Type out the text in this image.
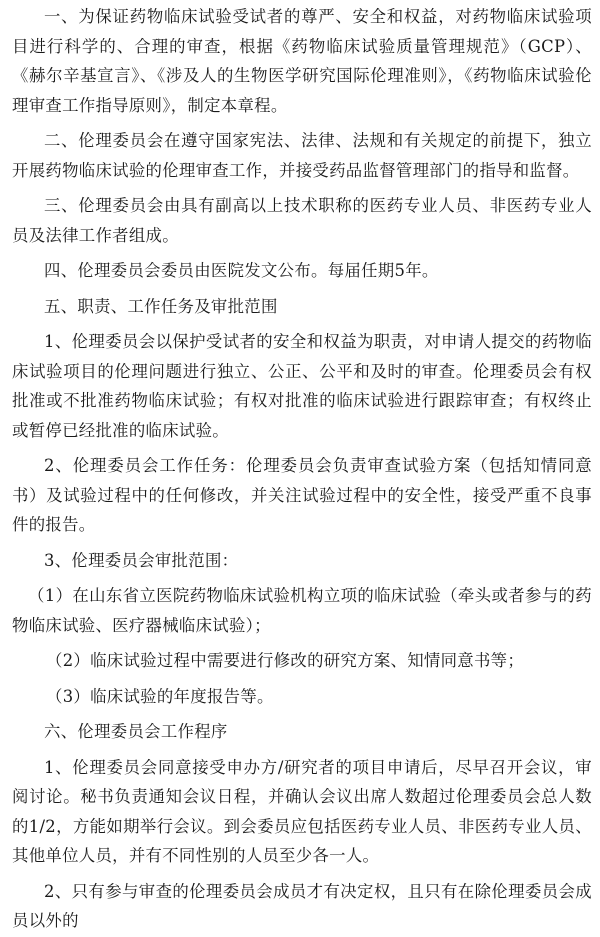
一、为保证药物临床试验受试者的尊严、安全和权益，对药物临床试验项目进行科学的、合理的审查，根据《药物临床试验质量管理规范》（GCP）、《赫尔辛基宣言》、《涉及人的生物医学研究国际伦理准则》，《药物临床试验伦理审查工作指导原则》，制定本章程。

二、伦理委员会在遵守国家宪法、法律、法规和有关规定的前提下，独立开展药物临床试验的伦理审查工作，并接受药品监督管理部门的指导和监督。

三、伦理委员会由具有副高以上技术职称的医药专业人员、非医药专业人员及法律工作者组成。

四、伦理委员会委员由医院发文公布。每届任期5年。

五、职责、工作任务及审批范围

1、伦理委员会以保护受试者的安全和权益为职责，对申请人提交的药物临床试验项目的伦理问题进行独立、公正、公平和及时的审查。伦理委员会有权批准或不批准药物临床试验；有权对批准的临床试验进行跟踪审查；有权终止或暂停已经批准的临床试验。

2、伦理委员会工作任务：伦理委员会负责审查试验方案（包括知情同意书）及试验过程中的任何修改，并关注试验过程中的安全性，接受严重不良事件的报告。

3、伦理委员会审批范围：

（1）在山东省立医院药物临床试验机构立项的临床试验（牵头或者参与的药物临床试验、医疗器械临床试验）；

（2）临床试验过程中需要进行修改的研究方案、知情同意书等；

（3）临床试验的年度报告等。

六、伦理委员会工作程序

1、伦理委员会同意接受申办方/研究者的项目申请后，尽早召开会议，审阅讨论。秘书负责通知会议日程，并确认会议出席人数超过伦理委员会总人数的1/2，方能如期举行会议。到会委员应包括医药专业人员、非医药专业人员、其他单位人员，并有不同性别的人员至少各一人。

2、只有参与审查的伦理委员会成员才有决定权，且只有在除伦理委员会成员以外的
